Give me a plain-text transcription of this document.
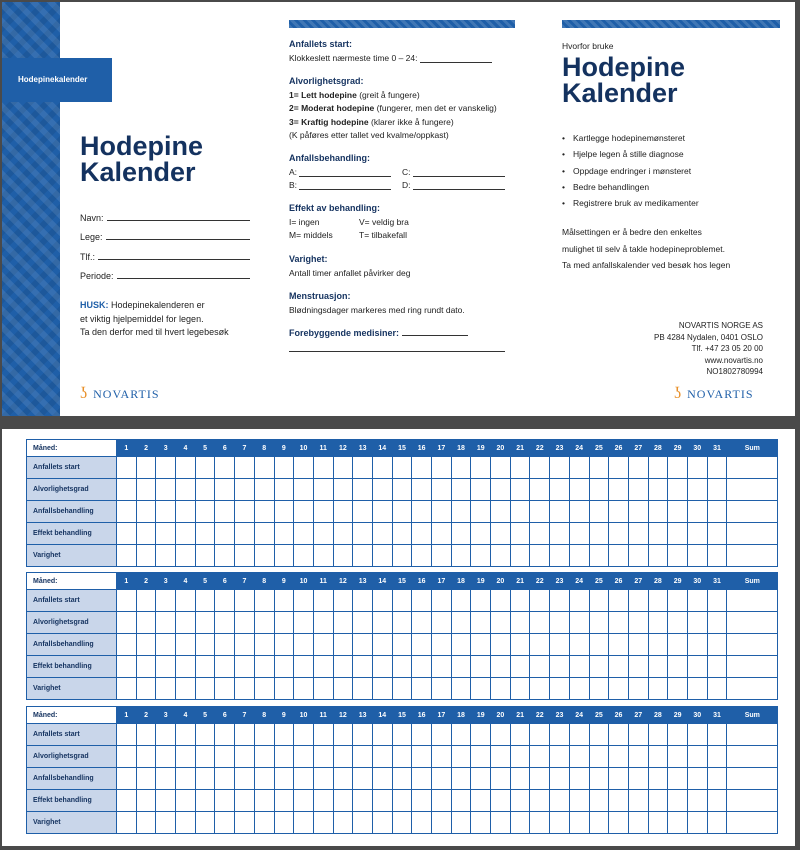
Hodepinekalender
Hodepine
Kalender
Navn:
Lege:
Tlf.:
Periode:
HUSK: Hodepinekalenderen er
et viktig hjelpemiddel for legen.
Ta den derfor med til hvert legebesøk
ʖ NOVARTIS
Anfallets start:
Klokkeslett nærmeste time 0 – 24:
Alvorlighetsgrad:
1= Lett hodepine (greit å fungere)
2= Moderat hodepine (fungerer, men det er vanskelig)
3= Kraftig hodepine (klarer ikke å fungere)
(K påføres etter tallet ved kvalme/oppkast)
Anfallsbehandling:
A:	C:
B:	D:
Effekt av behandling:
I= ingen	V= veldig bra
M= middels	T= tilbakefall
Varighet:
Antall timer anfallet påvirker deg
Menstruasjon:
Blødningsdager markeres med ring rundt dato.
Forebyggende medisiner:
Hvorfor bruke
Hodepine
Kalender
• Kartlegge hodepinemønsteret
• Hjelpe legen å stille diagnose
• Oppdage endringer i mønsteret
• Bedre behandlingen
• Registrere bruk av medikamenter
Målsettingen er å bedre den enkeltes
mulighet til selv å takle hodepineproblemet.
Ta med anfallskalender ved besøk hos legen
NOVARTIS NORGE AS
PB 4284 Nydalen, 0401 OSLO
Tlf. +47 23 05 20 00
www.novartis.no
NO1802780994
ʖ NOVARTIS
Måned:	1	2	3	4	5	6	7	8	9	10	11	12	13	14	15	16	17	18	19	20	21	22	23	24	25	26	27	28	29	30	31	Sum
Anfallets start																																
Alvorlighetsgrad																																
Anfallsbehandling																																
Effekt behandling																																
Varighet																																
Måned:	1	2	3	4	5	6	7	8	9	10	11	12	13	14	15	16	17	18	19	20	21	22	23	24	25	26	27	28	29	30	31	Sum
Anfallets start																																
Alvorlighetsgrad																																
Anfallsbehandling																																
Effekt behandling																																
Varighet																																
Måned:	1	2	3	4	5	6	7	8	9	10	11	12	13	14	15	16	17	18	19	20	21	22	23	24	25	26	27	28	29	30	31	Sum
Anfallets start																																
Alvorlighetsgrad																																
Anfallsbehandling																																
Effekt behandling																																
Varighet																																
